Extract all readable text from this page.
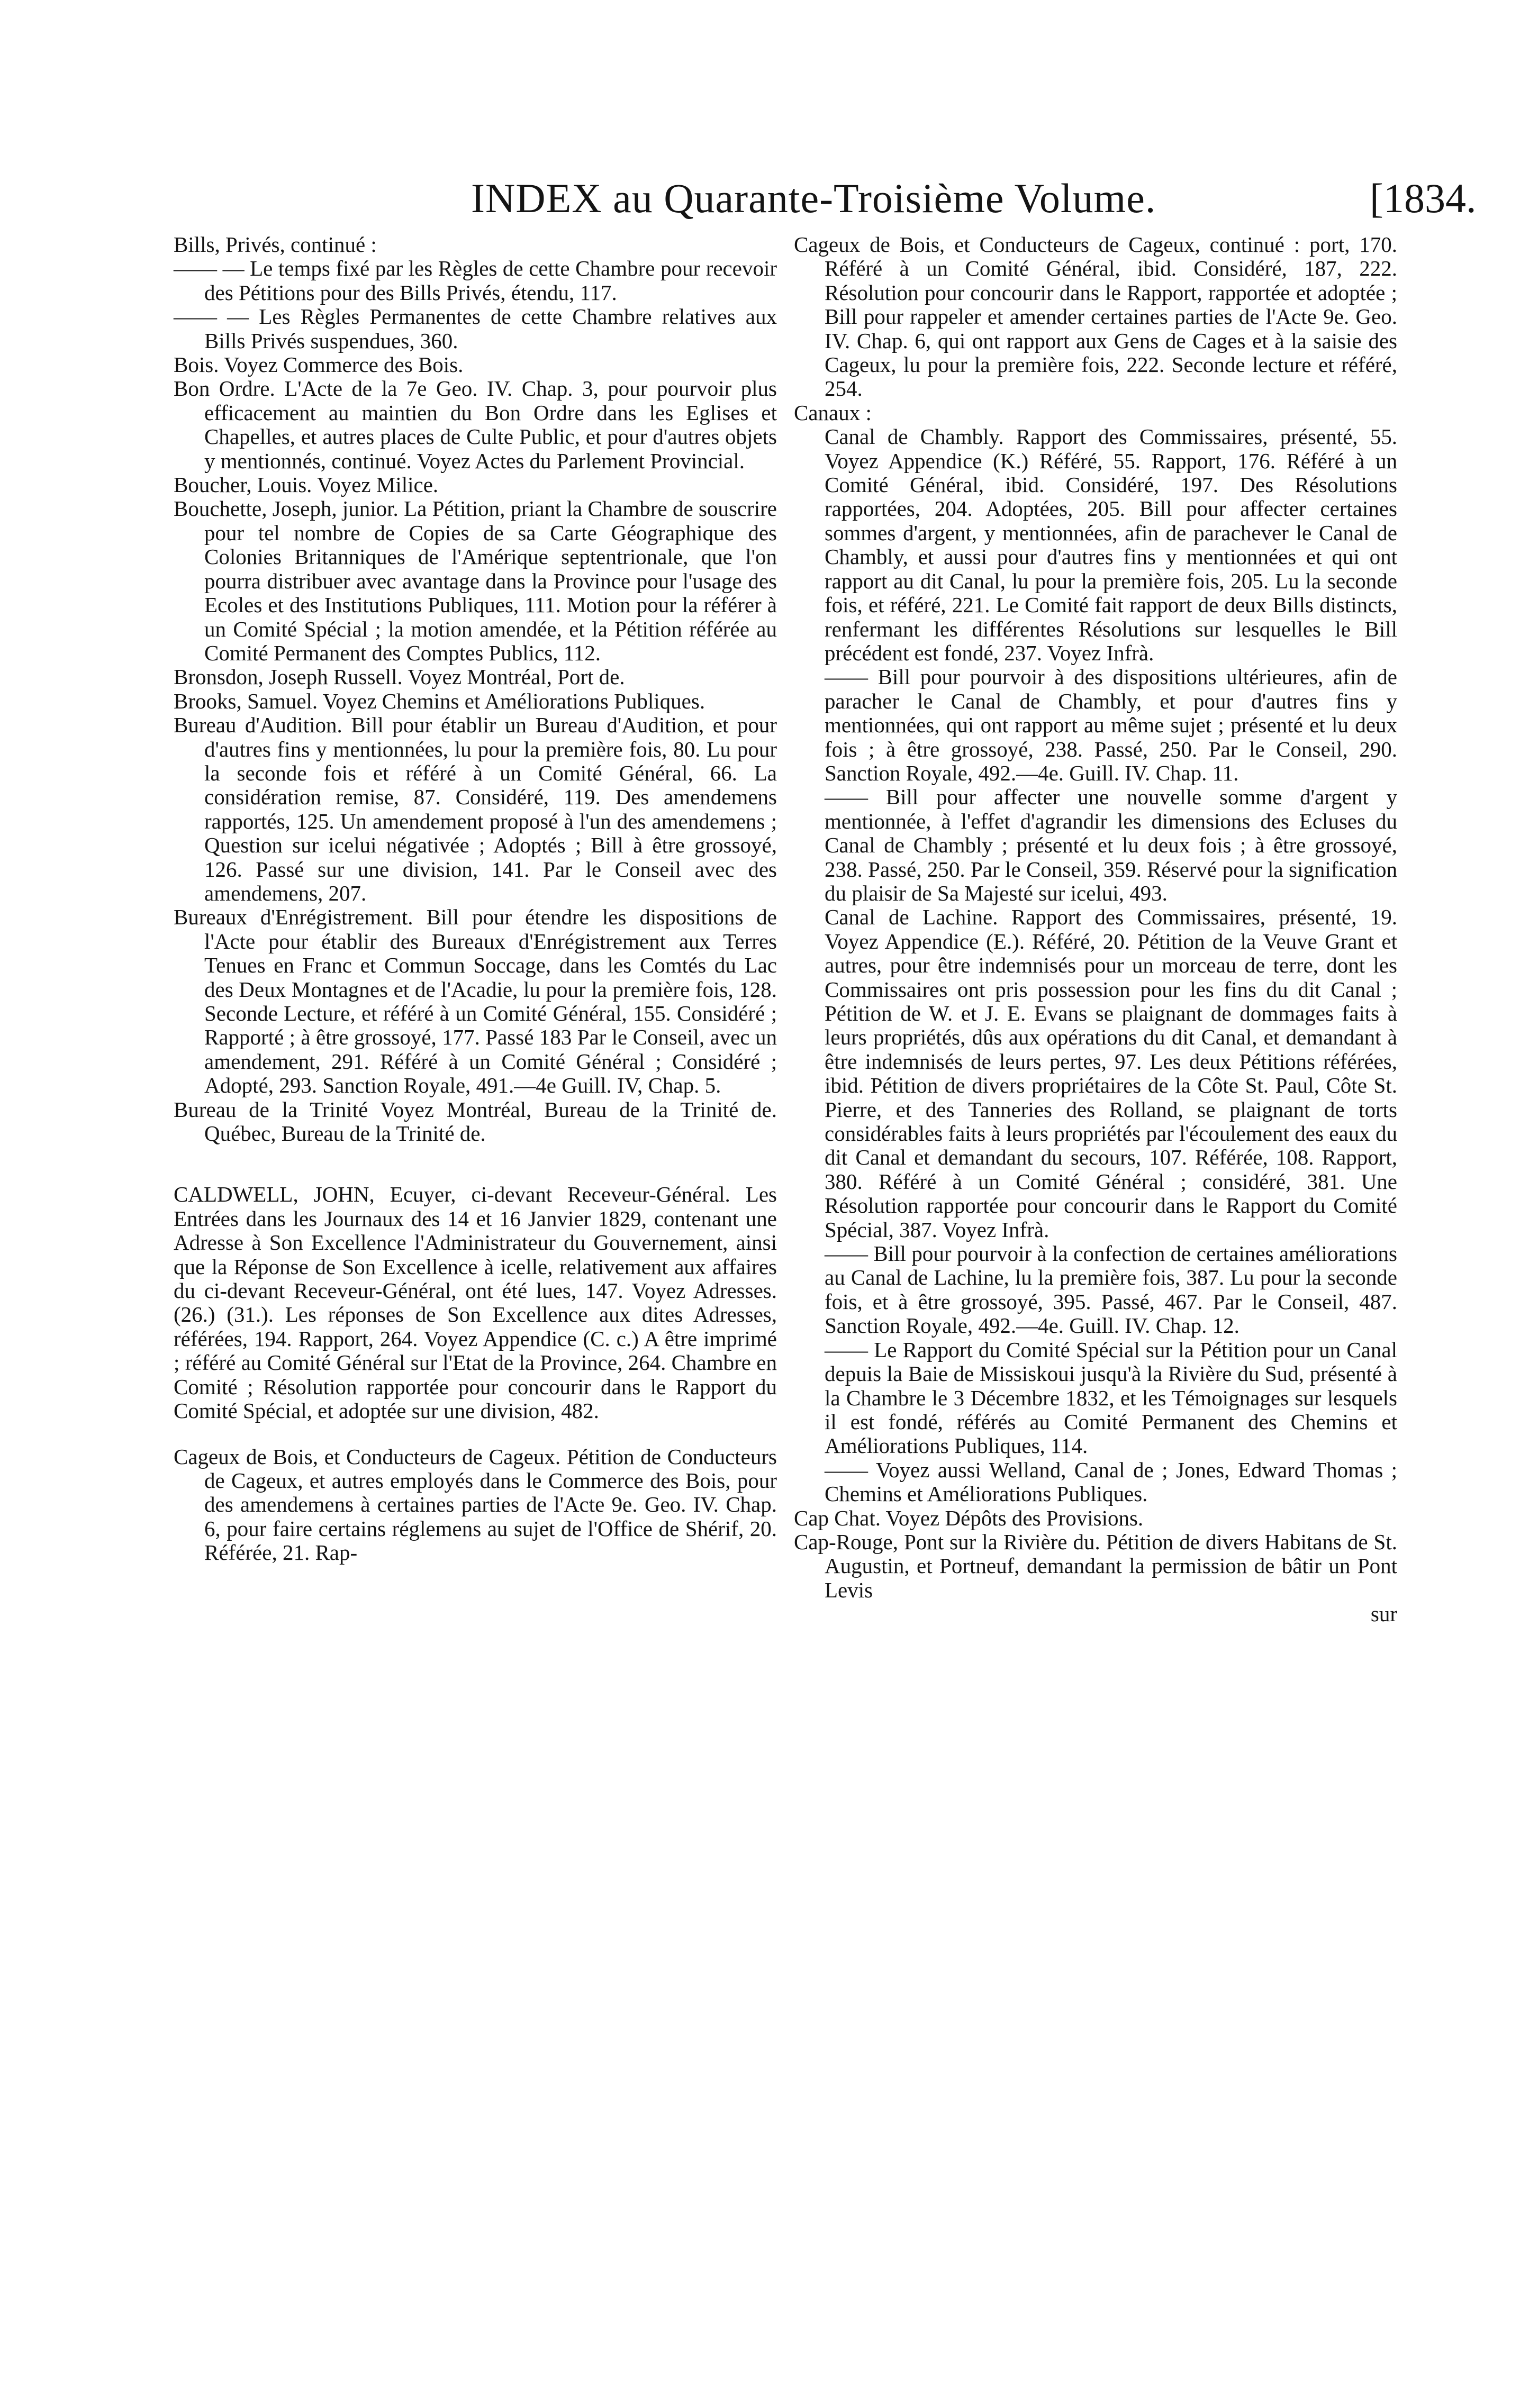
INDEX au Quarante-Troisième Volume.	[1834.

Bills, Privés, continué :

—— — Le temps fixé par les Règles de cette Chambre pour recevoir des Pétitions pour des Bills Privés, étendu, 117.

—— — Les Règles Permanentes de cette Chambre relatives aux Bills Privés suspendues, 360.

Bois. Voyez Commerce des Bois.

Bon Ordre. L'Acte de la 7e Geo. IV. Chap. 3, pour pourvoir plus efficacement au maintien du Bon Ordre dans les Eglises et Chapelles, et autres places de Culte Public, et pour d'autres objets y mentionnés, continué. Voyez Actes du Parlement Provincial.

Boucher, Louis. Voyez Milice.

Bouchette, Joseph, junior. La Pétition, priant la Chambre de souscrire pour tel nombre de Copies de sa Carte Géographique des Colonies Britanniques de l'Amérique septentrionale, que l'on pourra distribuer avec avantage dans la Province pour l'usage des Ecoles et des Institutions Publiques, 111. Motion pour la référer à un Comité Spécial ; la motion amendée, et la Pétition référée au Comité Permanent des Comptes Publics, 112.

Bronsdon, Joseph Russell. Voyez Montréal, Port de.

Brooks, Samuel. Voyez Chemins et Améliorations Publiques.

Bureau d'Audition. Bill pour établir un Bureau d'Audition, et pour d'autres fins y mentionnées, lu pour la première fois, 80. Lu pour la seconde fois et référé à un Comité Général, 66. La considération remise, 87. Considéré, 119. Des amendemens rapportés, 125. Un amendement proposé à l'un des amendemens ; Question sur icelui négativée ; Adoptés ; Bill à être grossoyé, 126. Passé sur une division, 141. Par le Conseil avec des amendemens, 207.

Bureaux d'Enrégistrement. Bill pour étendre les dispositions de l'Acte pour établir des Bureaux d'Enrégistrement aux Terres Tenues en Franc et Commun Soccage, dans les Comtés du Lac des Deux Montagnes et de l'Acadie, lu pour la première fois, 128. Seconde Lecture, et référé à un Comité Général, 155. Considéré ; Rapporté ; à être grossoyé, 177. Passé 183 Par le Conseil, avec un amendement, 291. Référé à un Comité Général ; Considéré ; Adopté, 293. Sanction Royale, 491.—4e Guill. IV, Chap. 5.

Bureau de la Trinité Voyez Montréal, Bureau de la Trinité de. Québec, Bureau de la Trinité de.

CALDWELL, JOHN, Ecuyer, ci-devant Receveur-Général. Les Entrées dans les Journaux des 14 et 16 Janvier 1829, contenant une Adresse à Son Excellence l'Administrateur du Gouvernement, ainsi que la Réponse de Son Excellence à icelle, relativement aux affaires du ci-devant Receveur-Général, ont été lues, 147. Voyez Adresses. (26.) (31.). Les réponses de Son Excellence aux dites Adresses, référées, 194. Rapport, 264. Voyez Appendice (C. c.) A être imprimé ; référé au Comité Général sur l'Etat de la Province, 264. Chambre en Comité ; Résolution rapportée pour concourir dans le Rapport du Comité Spécial, et adoptée sur une division, 482.

Cageux de Bois, et Conducteurs de Cageux. Pétition de Conducteurs de Cageux, et autres employés dans le Commerce des Bois, pour des amendemens à certaines parties de l'Acte 9e. Geo. IV. Chap. 6, pour faire certains réglemens au sujet de l'Office de Shérif, 20. Référée, 21. Rap-

Cageux de Bois, et Conducteurs de Cageux, continué : port, 170. Référé à un Comité Général, ibid. Considéré, 187, 222. Résolution pour concourir dans le Rapport, rapportée et adoptée ; Bill pour rappeler et amender certaines parties de l'Acte 9e. Geo. IV. Chap. 6, qui ont rapport aux Gens de Cages et à la saisie des Cageux, lu pour la première fois, 222. Seconde lecture et référé, 254.

Canaux :

Canal de Chambly. Rapport des Commissaires, présenté, 55. Voyez Appendice (K.) Référé, 55. Rapport, 176. Référé à un Comité Général, ibid. Considéré, 197. Des Résolutions rapportées, 204. Adoptées, 205. Bill pour affecter certaines sommes d'argent, y mentionnées, afin de parachever le Canal de Chambly, et aussi pour d'autres fins y mentionnées et qui ont rapport au dit Canal, lu pour la première fois, 205. Lu la seconde fois, et référé, 221. Le Comité fait rapport de deux Bills distincts, renfermant les différentes Résolutions sur lesquelles le Bill précédent est fondé, 237. Voyez Infrà.

—— Bill pour pourvoir à des dispositions ultérieures, afin de paracher le Canal de Chambly, et pour d'autres fins y mentionnées, qui ont rapport au même sujet ; présenté et lu deux fois ; à être grossoyé, 238. Passé, 250. Par le Conseil, 290. Sanction Royale, 492.—4e. Guill. IV. Chap. 11.

—— Bill pour affecter une nouvelle somme d'argent y mentionnée, à l'effet d'agrandir les dimensions des Ecluses du Canal de Chambly ; présenté et lu deux fois ; à être grossoyé, 238. Passé, 250. Par le Conseil, 359. Réservé pour la signification du plaisir de Sa Majesté sur icelui, 493.

Canal de Lachine. Rapport des Commissaires, présenté, 19. Voyez Appendice (E.). Référé, 20. Pétition de la Veuve Grant et autres, pour être indemnisés pour un morceau de terre, dont les Commissaires ont pris possession pour les fins du dit Canal ; Pétition de W. et J. E. Evans se plaignant de dommages faits à leurs propriétés, dûs aux opérations du dit Canal, et demandant à être indemnisés de leurs pertes, 97. Les deux Pétitions référées, ibid. Pétition de divers propriétaires de la Côte St. Paul, Côte St. Pierre, et des Tanneries des Rolland, se plaignant de torts considérables faits à leurs propriétés par l'écoulement des eaux du dit Canal et demandant du secours, 107. Référée, 108. Rapport, 380. Référé à un Comité Général ; considéré, 381. Une Résolution rapportée pour concourir dans le Rapport du Comité Spécial, 387. Voyez Infrà.

—— Bill pour pourvoir à la confection de certaines améliorations au Canal de Lachine, lu la première fois, 387. Lu pour la seconde fois, et à être grossoyé, 395. Passé, 467. Par le Conseil, 487. Sanction Royale, 492.—4e. Guill. IV. Chap. 12.

—— Le Rapport du Comité Spécial sur la Pétition pour un Canal depuis la Baie de Missiskoui jusqu'à la Rivière du Sud, présenté à la Chambre le 3 Décembre 1832, et les Témoignages sur lesquels il est fondé, référés au Comité Permanent des Chemins et Améliorations Publiques, 114.

—— Voyez aussi Welland, Canal de ; Jones, Edward Thomas ; Chemins et Améliorations Publiques.

Cap Chat. Voyez Dépôts des Provisions.

Cap-Rouge, Pont sur la Rivière du. Pétition de divers Habitans de St. Augustin, et Portneuf, demandant la permission de bâtir un Pont Levis

sur
